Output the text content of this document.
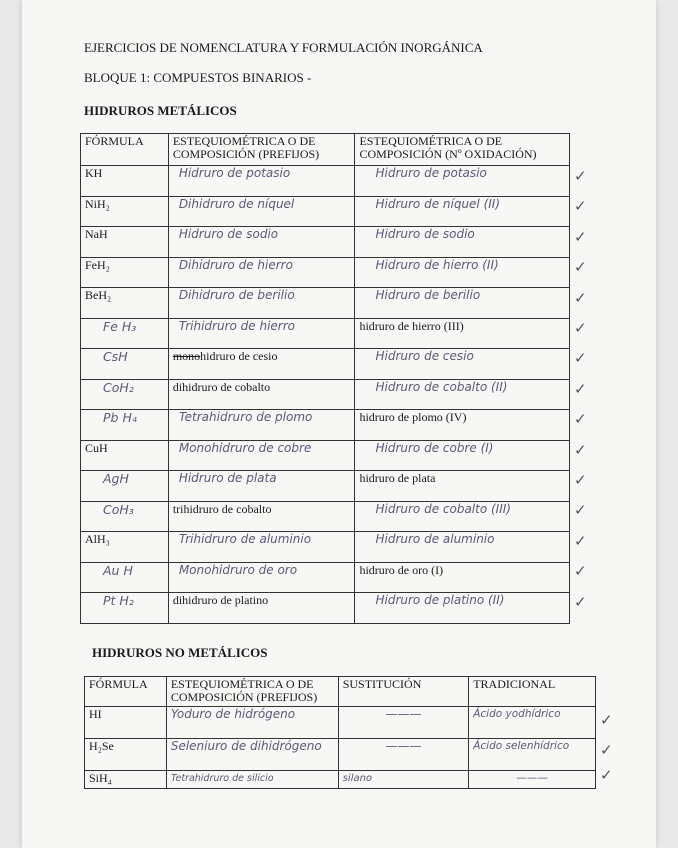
EJERCICIOS DE NOMENCLATURA Y FORMULACIÓN INORGÁNICA
BLOQUE 1: COMPUESTOS BINARIOS -
HIDRUROS METÁLICOS
FÓRMULA	ESTEQUIOMÉTRICA O DE COMPOSICIÓN (PREFIJOS)	ESTEQUIOMÉTRICA O DE COMPOSICIÓN (Nº OXIDACIÓN)
KH	Hidruro de potasio	Hidruro de potasio
NiH₂	Dihidruro de níquel	Hidruro de níquel (II)
NaH	Hidruro de sodio	Hidruro de sodio
FeH₂	Dihidruro de hierro	Hidruro de hierro (II)
BeH₂	Dihidruro de berilio	Hidruro de berilio
Fe H₃	Trihidruro de hierro	hidruro de hierro (III)
CsH	monohidruro de cesio	Hidruro de cesio
CoH₂	dihidruro de cobalto	Hidruro de cobalto (II)
Pb H₄	Tetrahidruro de plomo	hidruro de plomo (IV)
CuH	Monohidruro de cobre	Hidruro de cobre (I)
AgH	Hidruro de plata	hidruro de plata
CoH₃	trihidruro de cobalto	Hidruro de cobalto (III)
AlH₃	Trihidruro de aluminio	Hidruro de aluminio
Au H	Monohidruro de oro	hidruro de oro (I)
Pt H₂	dihidruro de platino	Hidruro de platino (II)
HIDRUROS NO METÁLICOS
FÓRMULA	ESTEQUIOMÉTRICA O DE COMPOSICIÓN (PREFIJOS)	SUSTITUCIÓN	TRADICIONAL
HI	Yoduro de hidrógeno	———	Ácido yodhídrico
H₂Se	Seleniuro de dihidrógeno	———	Ácido selenhídrico
SiH₄	Tetrahidruro de silicio	silano	———
✓
✓
✓
✓
✓
✓
✓
✓
✓
✓
✓
✓
✓
✓
✓
✓
✓
✓
